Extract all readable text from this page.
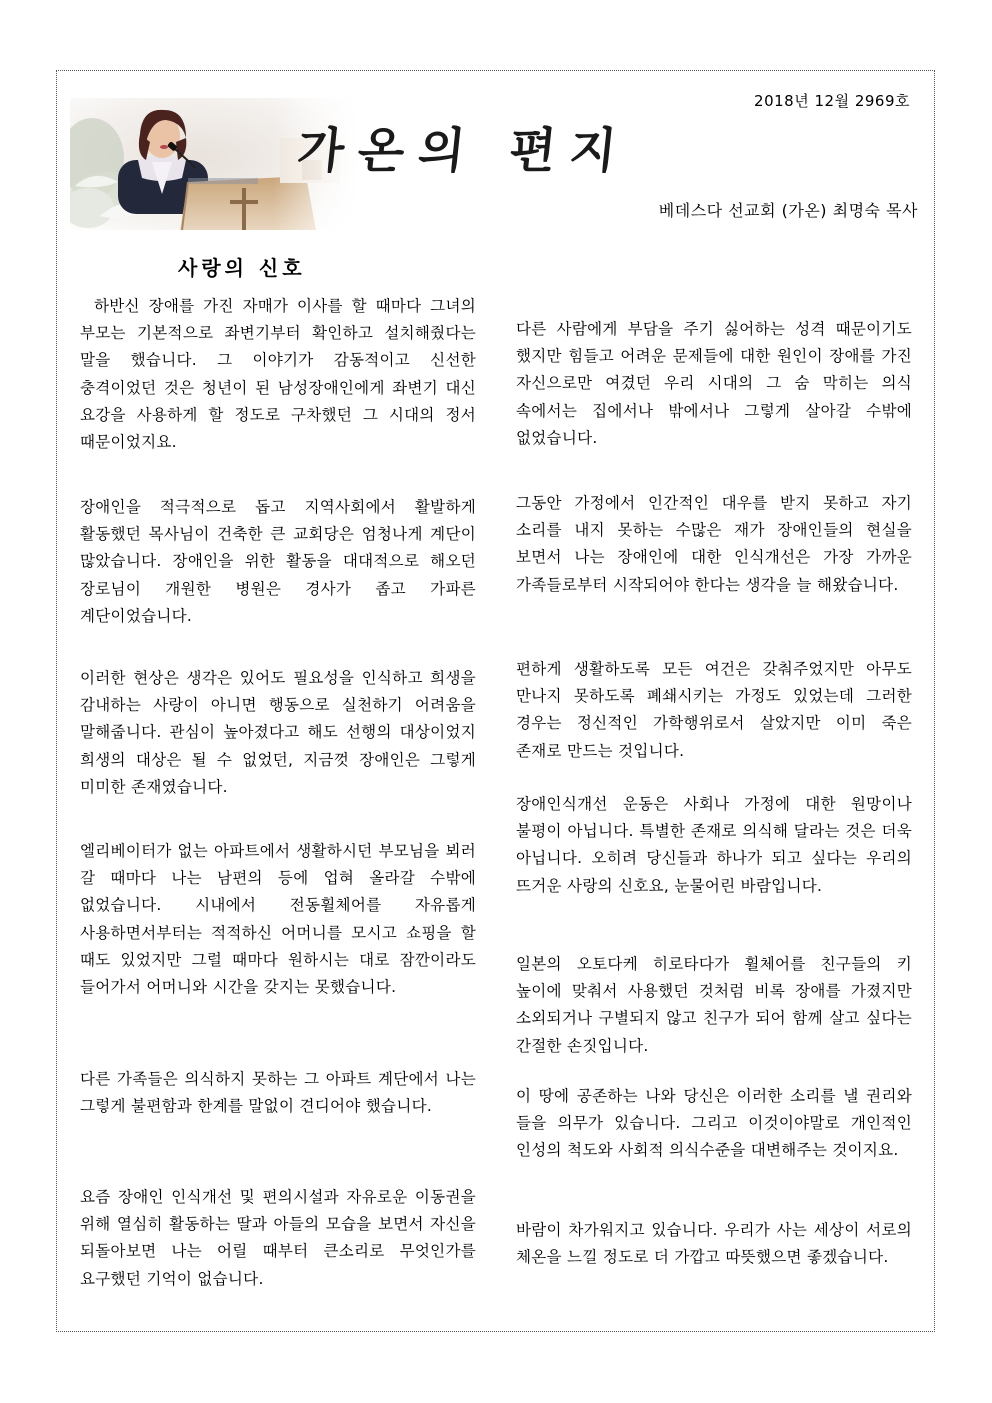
2018년 12월 2969호
가온의 편지
베데스다 선교회 (가온) 최명숙 목사
사랑의 신호

하반신 장애를 가진 자매가 이사를 할 때마다 그녀의 부모는 기본적으로 좌변기부터 확인하고 설치해줬다는 말을 했습니다. 그 이야기가 감동적이고 신선한 충격이었던 것은 청년이 된 남성장애인에게 좌변기 대신 요강을 사용하게 할 정도로 구차했던 그 시대의 정서 때문이었지요.

장애인을 적극적으로 돕고 지역사회에서 활발하게 활동했던 목사님이 건축한 큰 교회당은 엄청나게 계단이 많았습니다. 장애인을 위한 활동을 대대적으로 해오던 장로님이 개원한 병원은 경사가 좁고 가파른 계단이었습니다.

이러한 현상은 생각은 있어도 필요성을 인식하고 희생을 감내하는 사랑이 아니면 행동으로 실천하기 어려움을 말해줍니다. 관심이 높아졌다고 해도 선행의 대상이었지 희생의 대상은 될 수 없었던, 지금껏 장애인은 그렇게 미미한 존재였습니다.

엘리베이터가 없는 아파트에서 생활하시던 부모님을 뵈러 갈 때마다 나는 남편의 등에 업혀 올라갈 수밖에 없었습니다. 시내에서 전동휠체어를 자유롭게 사용하면서부터는 적적하신 어머니를 모시고 쇼핑을 할 때도 있었지만 그럴 때마다 원하시는 대로 잠깐이라도 들어가서 어머니와 시간을 갖지는 못했습니다.

다른 가족들은 의식하지 못하는 그 아파트 계단에서 나는 그렇게 불편함과 한계를 말없이 견디어야 했습니다.

요즘 장애인 인식개선 및 편의시설과 자유로운 이동권을 위해 열심히 활동하는 딸과 아들의 모습을 보면서 자신을 되돌아보면 나는 어릴 때부터 큰소리로 무엇인가를 요구했던 기억이 없습니다.

다른 사람에게 부담을 주기 싫어하는 성격 때문이기도 했지만 힘들고 어려운 문제들에 대한 원인이 장애를 가진 자신으로만 여겼던 우리 시대의 그 숨 막히는 의식 속에서는 집에서나 밖에서나 그렇게 살아갈 수밖에 없었습니다.

그동안 가정에서 인간적인 대우를 받지 못하고 자기 소리를 내지 못하는 수많은 재가 장애인들의 현실을 보면서 나는 장애인에 대한 인식개선은 가장 가까운 가족들로부터 시작되어야 한다는 생각을 늘 해왔습니다.

편하게 생활하도록 모든 여건은 갖춰주었지만 아무도 만나지 못하도록 폐쇄시키는 가정도 있었는데 그러한 경우는 정신적인 가학행위로서 살았지만 이미 죽은 존재로 만드는 것입니다.

장애인식개선 운동은 사회나 가정에 대한 원망이나 불평이 아닙니다. 특별한 존재로 의식해 달라는 것은 더욱 아닙니다. 오히려 당신들과 하나가 되고 싶다는 우리의 뜨거운 사랑의 신호요, 눈물어린 바람입니다.

일본의 오토다케 히로타다가 휠체어를 친구들의 키 높이에 맞춰서 사용했던 것처럼 비록 장애를 가졌지만 소외되거나 구별되지 않고 친구가 되어 함께 살고 싶다는 간절한 손짓입니다.

이 땅에 공존하는 나와 당신은 이러한 소리를 낼 권리와 들을 의무가 있습니다. 그리고 이것이야말로 개인적인 인성의 척도와 사회적 의식수준을 대변해주는 것이지요.

바람이 차가워지고 있습니다. 우리가 사는 세상이 서로의 체온을 느낄 정도로 더 가깝고 따뜻했으면 좋겠습니다.
